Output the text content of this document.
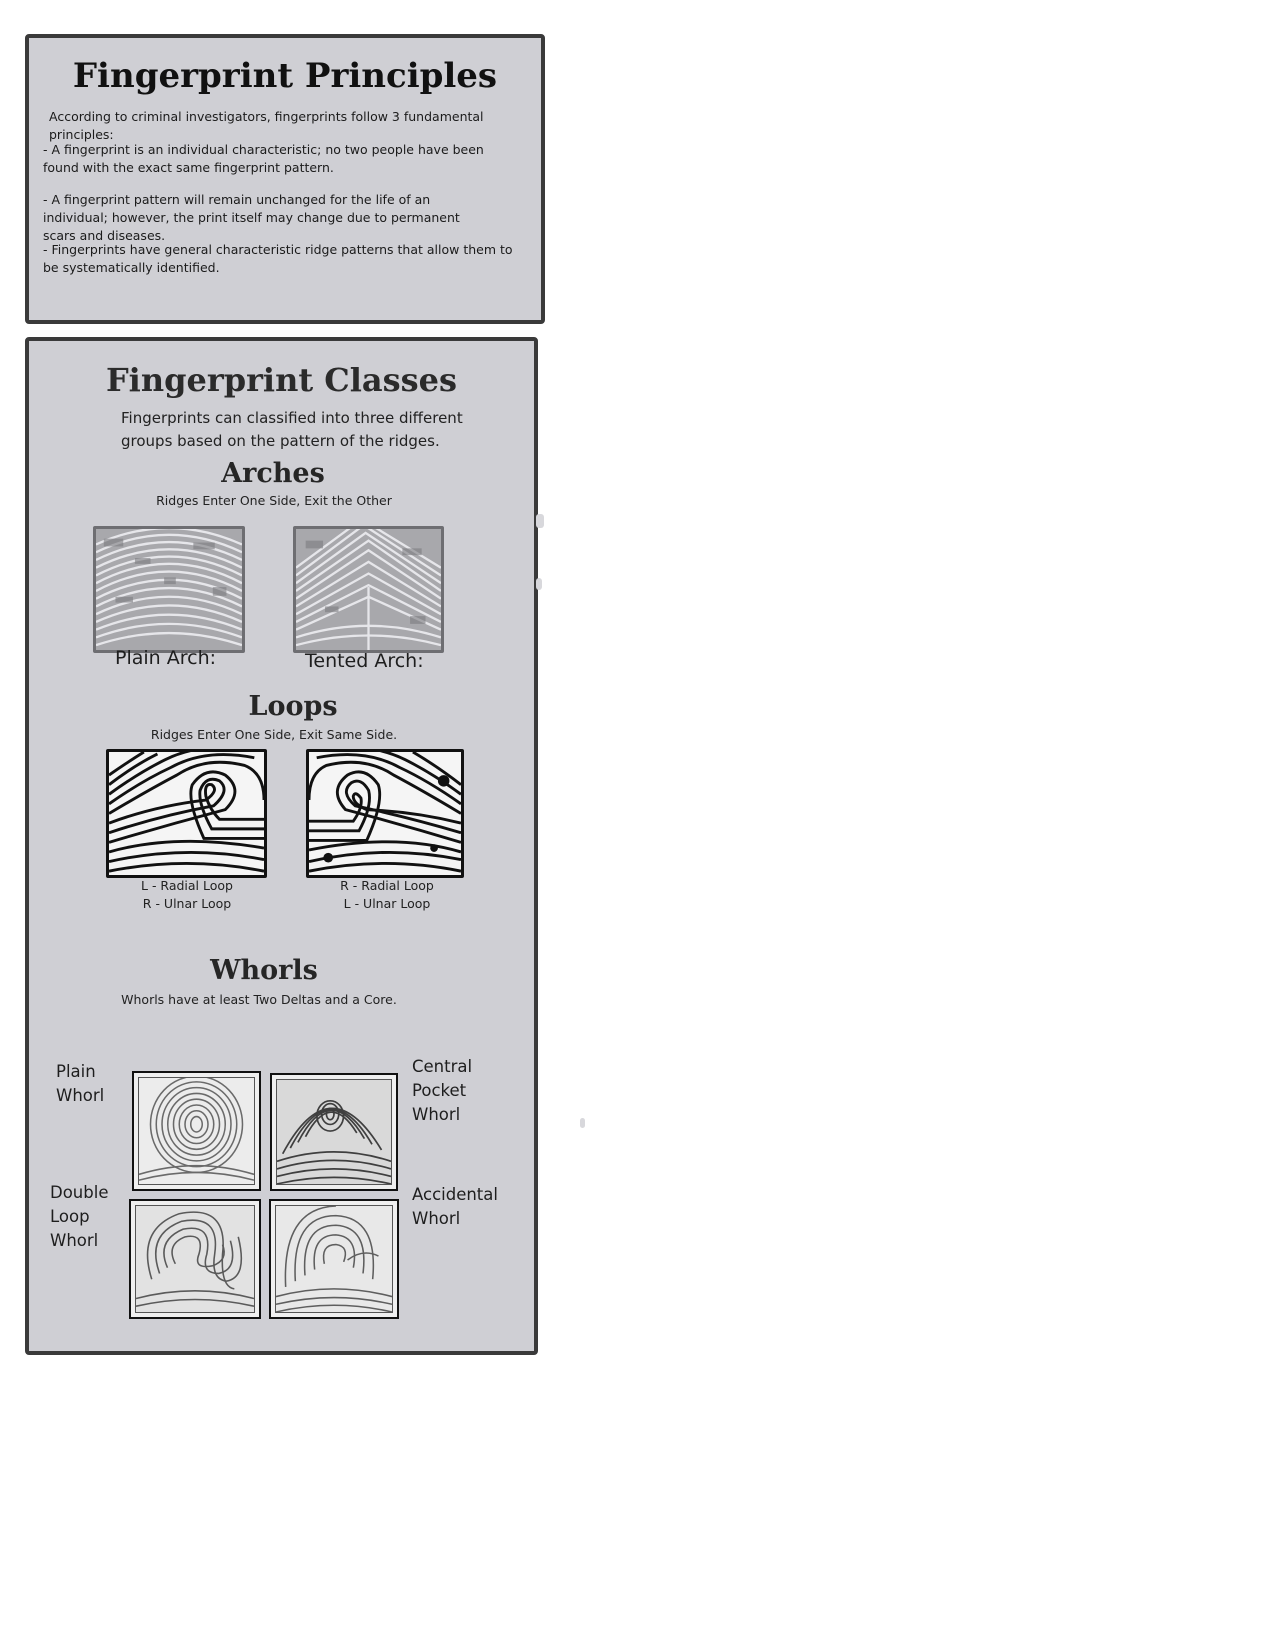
Fingerprint Principles
According to criminal investigators, fingerprints follow 3 fundamental principles:
- A fingerprint is an individual characteristic; no two people have been found with the exact same fingerprint pattern.
- A fingerprint pattern will remain unchanged for the life of an individual; however, the print itself may change due to permanent scars and diseases.
- Fingerprints have general characteristic ridge patterns that allow them to be systematically identified.
Fingerprint Classes
Fingerprints can classified into three different groups based on the pattern of the ridges.
Arches
Ridges Enter One Side, Exit the Other
Plain Arch:	Tented Arch:
Loops
Ridges Enter One Side, Exit Same Side.
L - Radial Loop
R - Ulnar Loop
R - Radial Loop
L - Ulnar Loop
Whorls
Whorls have at least Two Deltas and a Core.
Plain
Whorl
Central
Pocket
Whorl
Double
Loop
Whorl
Accidental
Whorl
